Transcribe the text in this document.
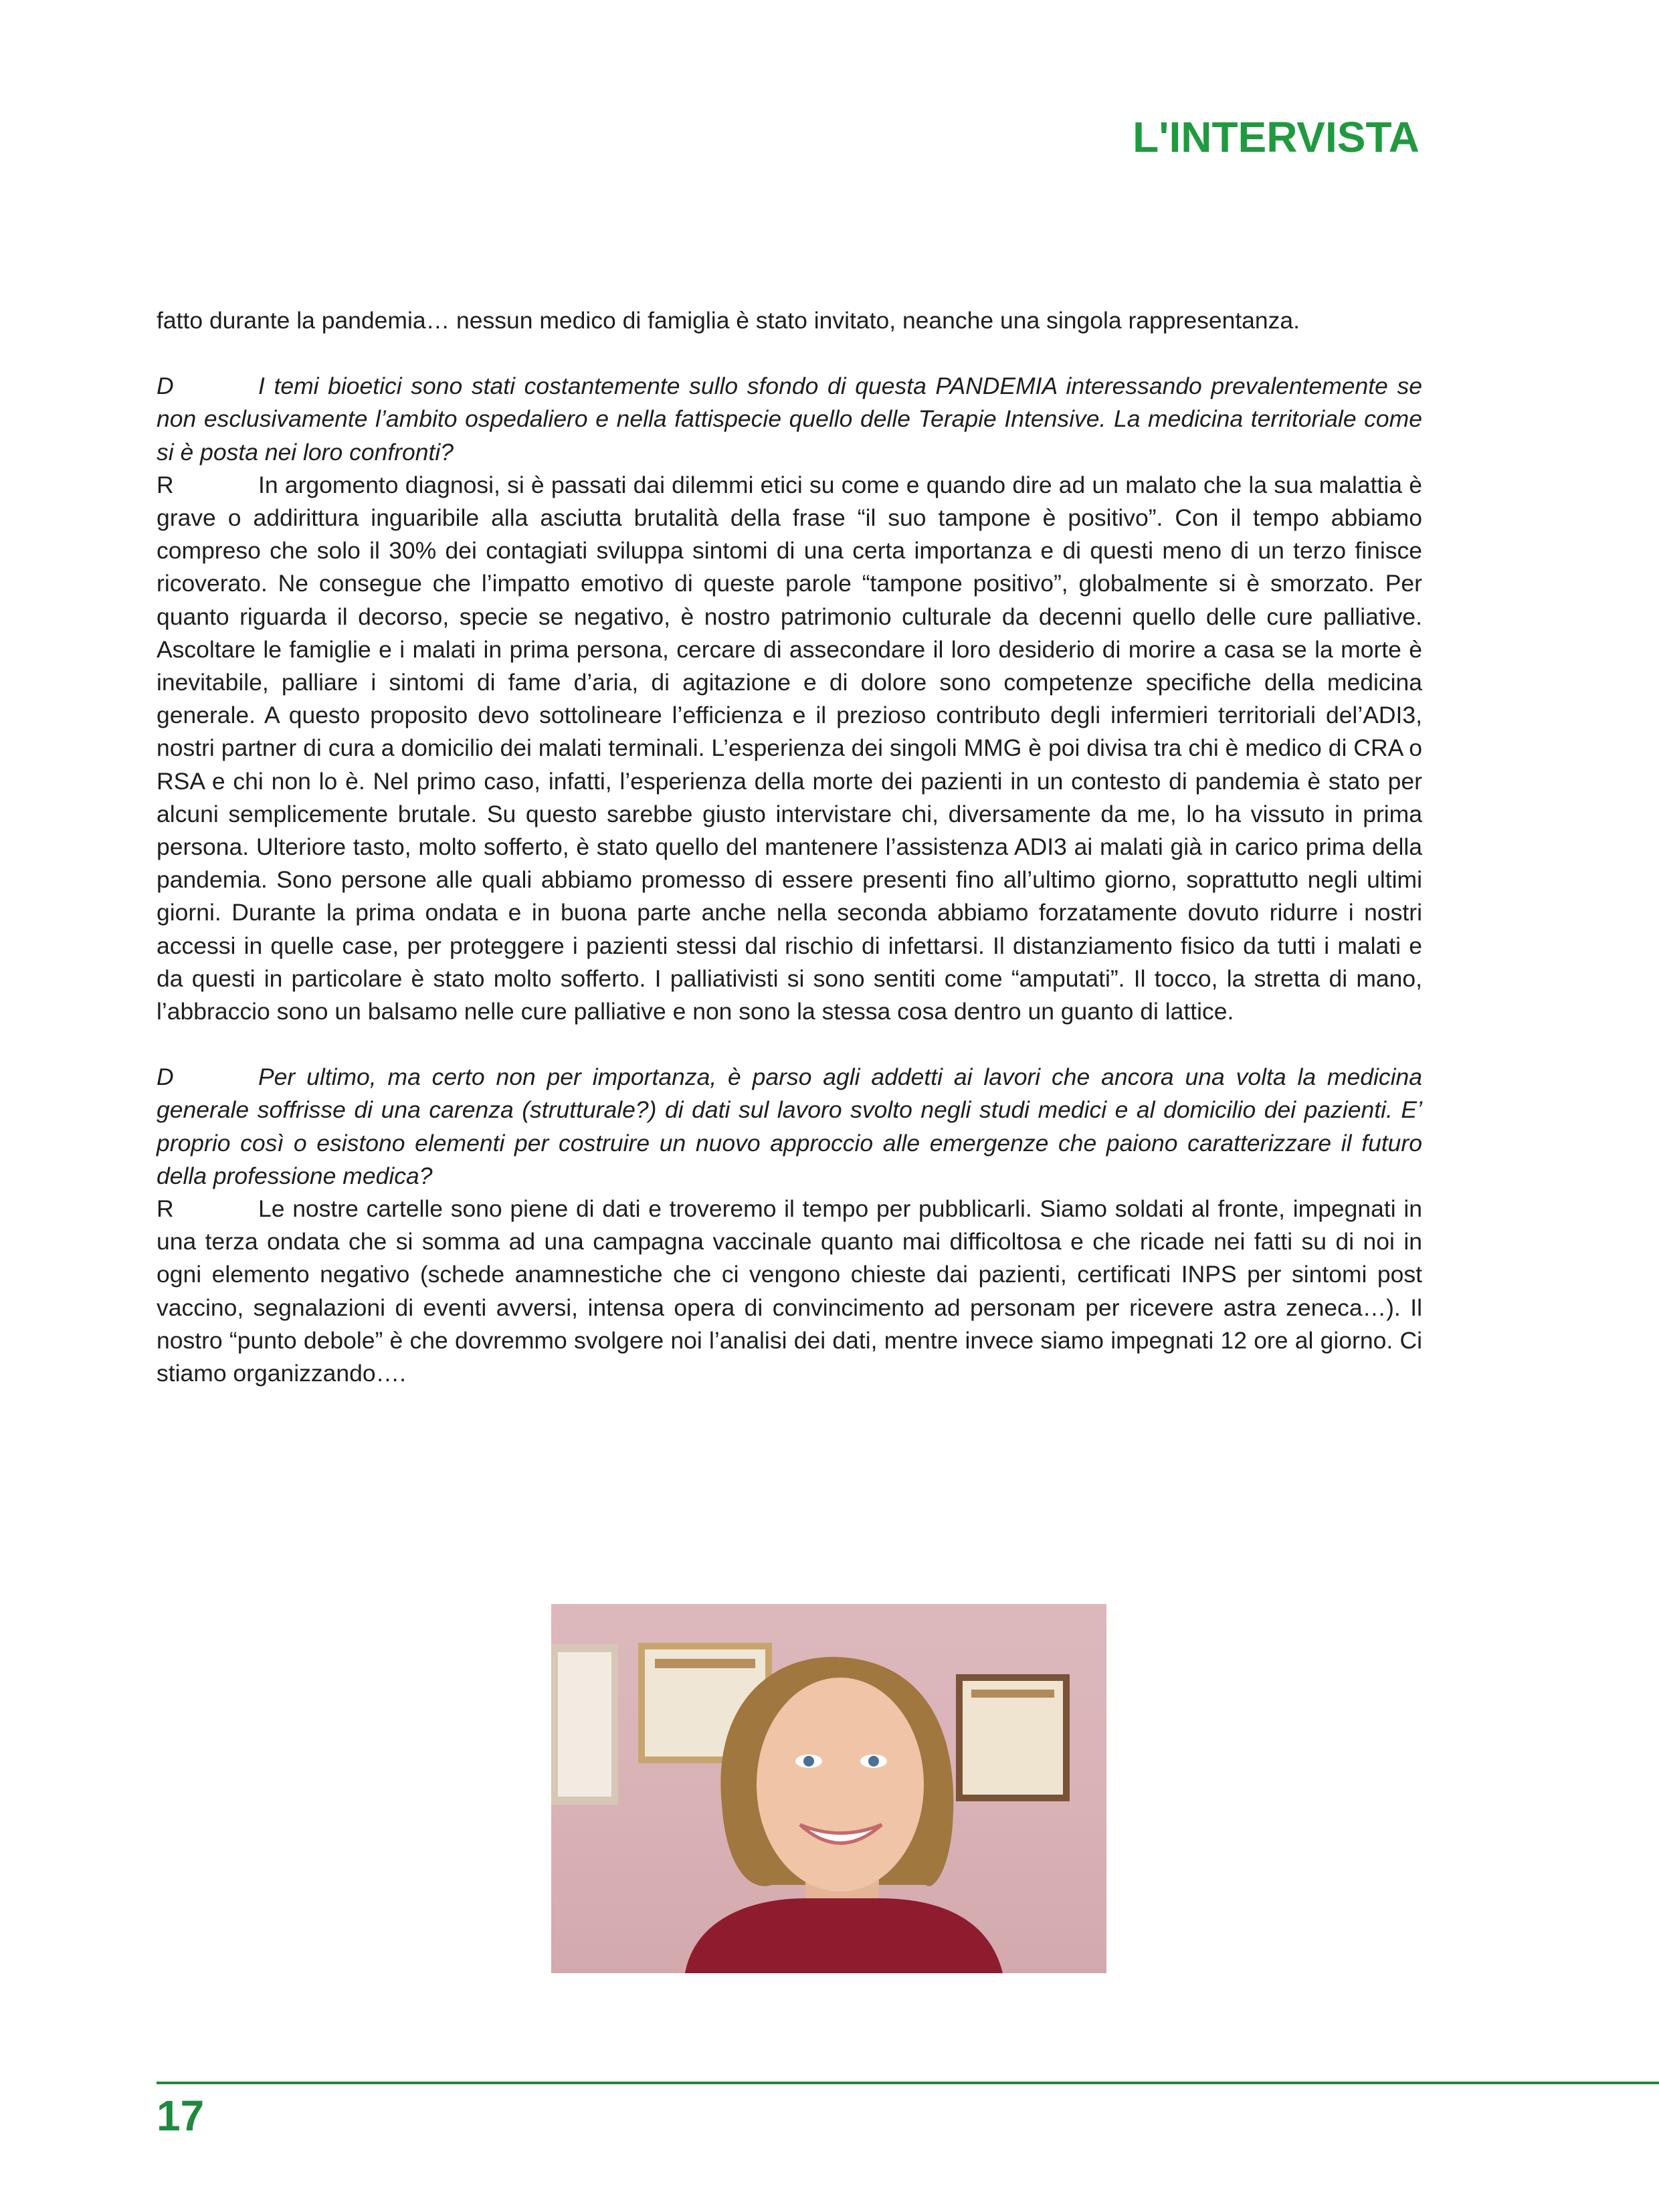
L'INTERVISTA

fatto durante la pandemia… nessun medico di famiglia è stato invitato, neanche una singola rappresentanza.

D	I temi bioetici sono stati costantemente sullo sfondo di questa PANDEMIA interessando prevalentemente se non esclusivamente l’ambito ospedaliero e nella fattispecie quello delle Terapie Intensive. La medicina territoriale come si è posta nei loro confronti?

R	In argomento diagnosi, si è passati dai dilemmi etici su come e quando dire ad un malato che la sua malattia è grave o addirittura inguaribile alla asciutta brutalità della frase “il suo tampone è positivo”. Con il tempo abbiamo compreso che solo il 30% dei contagiati sviluppa sintomi di una certa importanza e di questi meno di un terzo finisce ricoverato. Ne consegue che l’impatto emotivo di queste parole “tampone positivo”, globalmente si è smorzato. Per quanto riguarda il decorso, specie se negativo, è nostro patrimonio culturale da decenni quello delle cure palliative. Ascoltare le famiglie e i malati in prima persona, cercare di assecondare il loro desiderio di morire a casa se la morte è inevitabile, palliare i sintomi di fame d’aria, di agitazione e di dolore sono competenze specifiche della medicina generale. A questo proposito devo sottolineare l’efficienza e il prezioso contributo degli infermieri territoriali del’ADI3, nostri partner di cura a domicilio dei malati terminali. L’esperienza dei singoli MMG è poi divisa tra chi è medico di CRA o RSA e chi non lo è. Nel primo caso, infatti, l’esperienza della morte dei pazienti in un contesto di pandemia è stato per alcuni semplicemente brutale. Su questo sarebbe giusto intervistare chi, diversamente da me, lo ha vissuto in prima persona. Ulteriore tasto, molto sofferto, è stato quello del mantenere l’assistenza ADI3 ai malati già in carico prima della pandemia. Sono persone alle quali abbiamo promesso di essere presenti fino all’ultimo giorno, soprattutto negli ultimi giorni. Durante la prima ondata e in buona parte anche nella seconda abbiamo forzatamente dovuto ridurre i nostri accessi in quelle case, per proteggere i pazienti stessi dal rischio di infettarsi. Il distanziamento fisico da tutti i malati e da questi in particolare è stato molto sofferto. I palliativisti si sono sentiti come “amputati”. Il tocco, la stretta di mano, l’abbraccio sono un balsamo nelle cure palliative e non sono la stessa cosa dentro un guanto di lattice.

D	Per ultimo, ma certo non per importanza, è parso agli addetti ai lavori che ancora una volta la medicina generale soffrisse di una carenza (strutturale?) di dati sul lavoro svolto negli studi medici e al domicilio dei pazienti. E’ proprio così o esistono elementi per costruire un nuovo approccio alle emergenze che paiono caratterizzare il futuro della professione medica?

R	Le nostre cartelle sono piene di dati e troveremo il tempo per pubblicarli. Siamo soldati al fronte, impegnati in una terza ondata che si somma ad una campagna vaccinale quanto mai difficoltosa e che ricade nei fatti su di noi in ogni elemento negativo (schede anamnestiche che ci vengono chieste dai pazienti, certificati INPS per sintomi post vaccino, segnalazioni di eventi avversi, intensa opera di convincimento ad personam per ricevere astra zeneca…). Il nostro “punto debole” è che dovremmo svolgere noi l’analisi dei dati, mentre invece siamo impegnati 12 ore al giorno. Ci stiamo organizzando….

17
